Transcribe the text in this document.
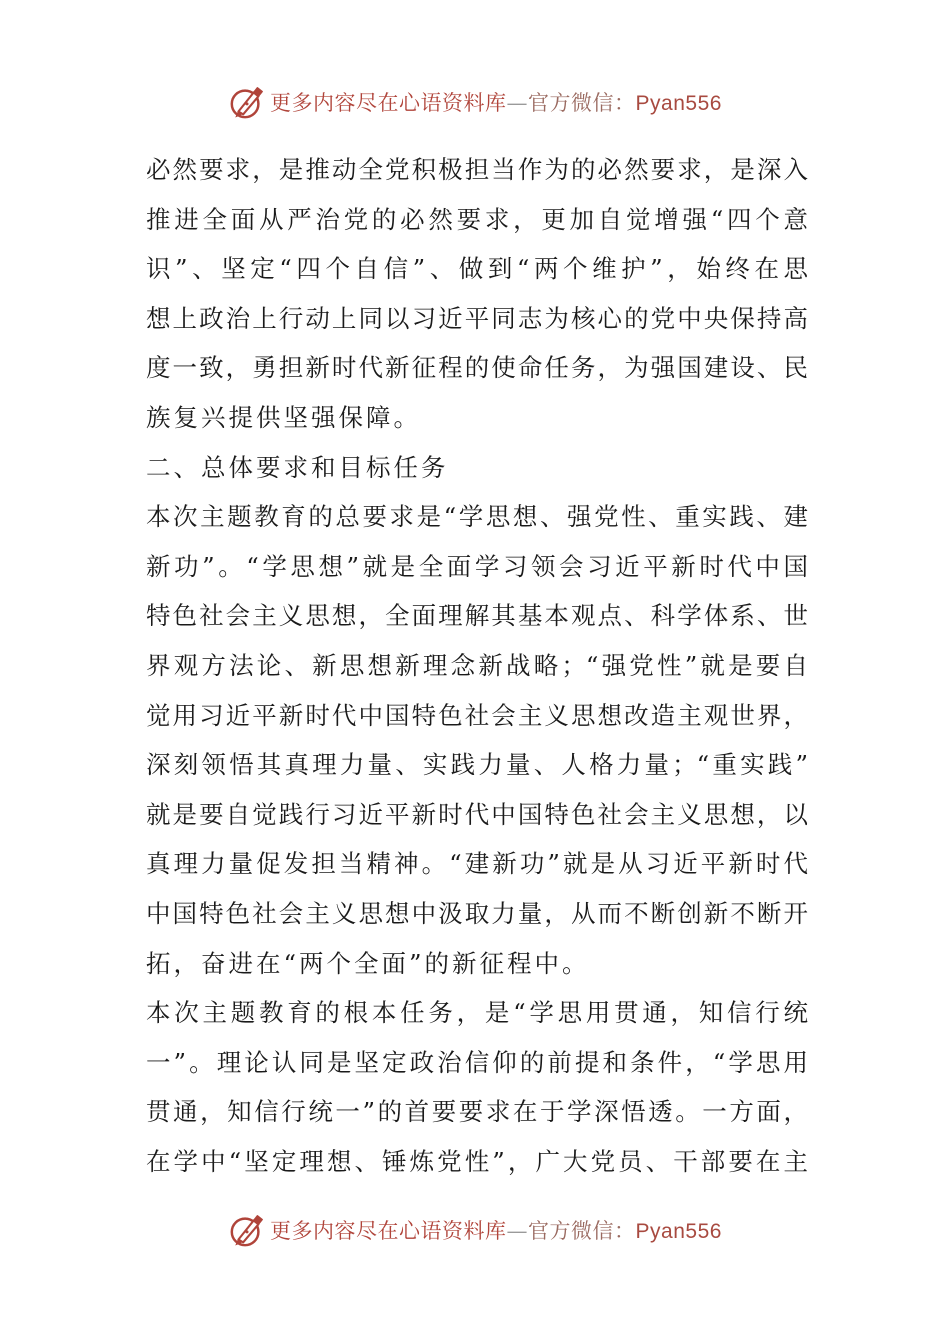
更多内容尽在心语资料库—官方微信：Pyan556
必然要求，是推动全党积极担当作为的必然要求，是深入
推进全面从严治党的必然要求，更加自觉增强“四个意
识”、坚定“四个自信”、做到“两个维护”，始终在思
想上政治上行动上同以习近平同志为核心的党中央保持高
度一致，勇担新时代新征程的使命任务，为强国建设、民
族复兴提供坚强保障。
二、总体要求和目标任务
本次主题教育的总要求是“学思想、强党性、重实践、建
新功”。“学思想”就是全面学习领会习近平新时代中国
特色社会主义思想，全面理解其基本观点、科学体系、世
界观方法论、新思想新理念新战略；“强党性”就是要自
觉用习近平新时代中国特色社会主义思想改造主观世界，
深刻领悟其真理力量、实践力量、人格力量；“重实践”
就是要自觉践行习近平新时代中国特色社会主义思想，以
真理力量促发担当精神。“建新功”就是从习近平新时代
中国特色社会主义思想中汲取力量，从而不断创新不断开
拓，奋进在“两个全面”的新征程中。
本次主题教育的根本任务，是“学思用贯通，知信行统
一”。理论认同是坚定政治信仰的前提和条件，“学思用
贯通，知信行统一”的首要要求在于学深悟透。一方面，
在学中“坚定理想、锤炼党性”，广大党员、干部要在主
更多内容尽在心语资料库—官方微信：Pyan556
